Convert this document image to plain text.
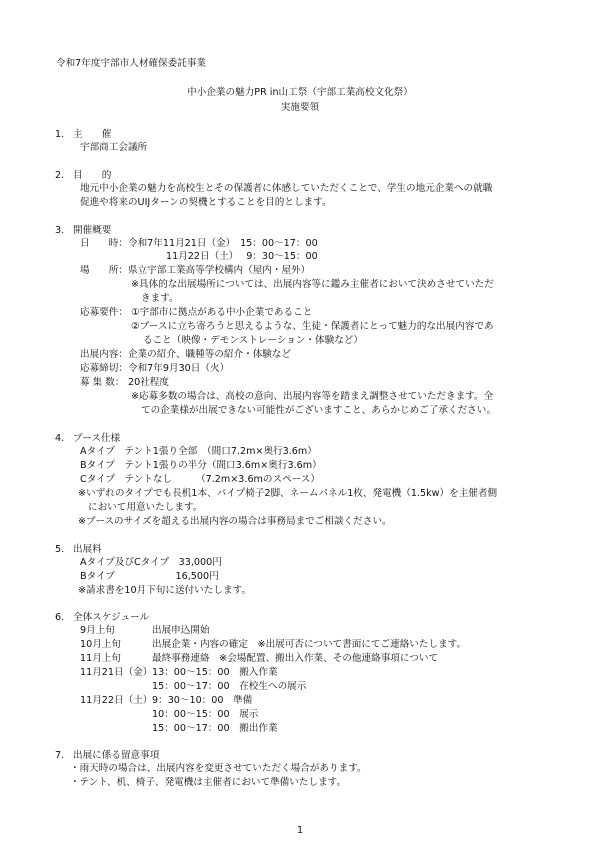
令和7年度宇部市人材確保委託事業
中小企業の魅力PR in山工祭（宇部工業高校文化祭）
実施要領
1. 主　　催
宇部商工会議所
2. 目　　的
地元中小企業の魅力を高校生とその保護者に体感していただくことで、学生の地元企業への就職
促進や将来のUIJターンの契機とすることを目的とします。
3. 開催概要
日　　時： 令和7年11月21日（金）　15：00～17：00
11月22日（土）　 9：30～15：00
場　　所： 県立宇部工業高等学校構内（屋内・屋外）
※具体的な出展場所については、出展内容等に鑑み主催者において決めさせていただ
きます。
応募要件： ①宇部市に拠点がある中小企業であること
②ブースに立ち寄ろうと思えるような、生徒・保護者にとって魅力的な出展内容であ
ること（映像・デモンストレーション・体験など）
出展内容： 企業の紹介、職種等の紹介・体験など
応募締切： 令和7年9月30日（火）
募 集 数： 20社程度
※応募多数の場合は、高校の意向、出展内容等を踏まえ調整させていただきます。全
ての企業様が出展できない可能性がございますこと、あらかじめご了承ください。
4. ブース仕様
Aタイプ　テント1張り全部　（間口7.2m×奥行3.6m）
Bタイプ　テント1張りの半分（間口3.6m×奥行3.6m）
Cタイプ　テントなし　　　（7.2m×3.6mのスペース）
※いずれのタイプでも長机1本、パイプ椅子2脚、ネームパネル1枚、発電機（1.5kw）を主催者側
において用意いたします。
※ブースのサイズを超える出展内容の場合は事務局までご相談ください。
5. 出展料
Aタイプ及びCタイプ　33,000円
Bタイプ　　　　　　 16,500円
※請求書を10月下旬に送付いたします。
6. 全体スケジュール
9月上旬	出展申込開始
10月上旬	出展企業・内容の確定　※出展可否について書面にてご連絡いたします。
11月上旬	最終事務連絡　※会場配置、搬出入作業、その他連絡事項について
11月21日（金） 13：00～15：00　搬入作業
15：00～17：00　在校生への展示
11月22日（土） 9：30～10：00　準備
10：00～15：00　展示
15：00～17：00　搬出作業
7. 出展に係る留意事項
・雨天時の場合は、出展内容を変更させていただく場合があります。
・テント、机、椅子、発電機は主催者において準備いたします。
1
